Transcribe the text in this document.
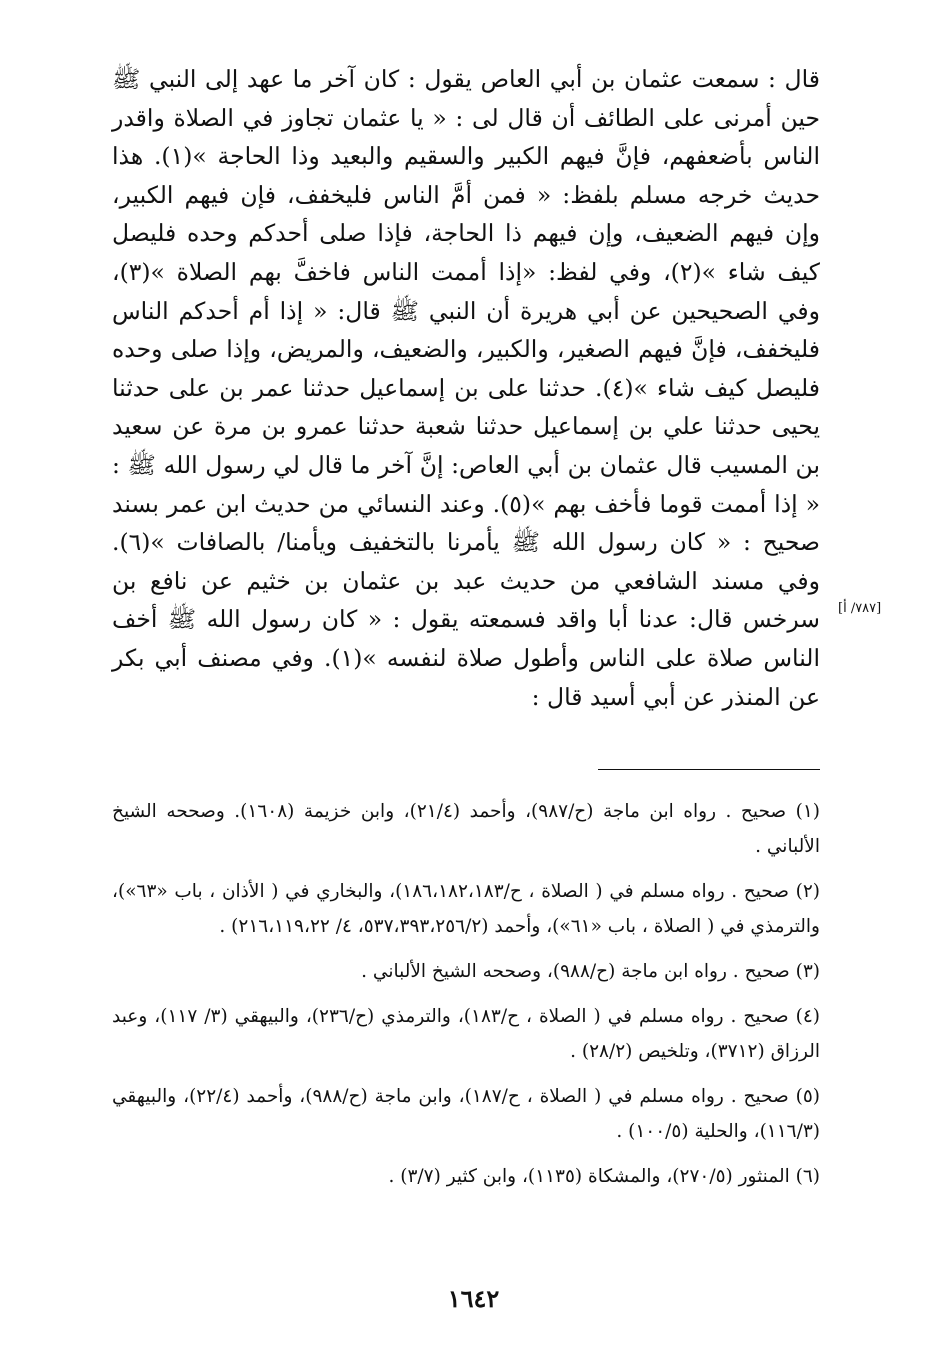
قال : سمعت عثمان بن أبي العاص يقول : كان آخر ما عهد إلى النبي ﷺ حين أمرنى على الطائف أن قال لى : « يا عثمان تجاوز في الصلاة واقدر الناس بأضعفهم، فإنَّ فيهم الكبير والسقيم والبعيد وذا الحاجة »(١). هذا حديث خرجه مسلم بلفظ: « فمن أمَّ الناس فليخفف، فإن فيهم الكبير، وإن فيهم الضعيف، وإن فيهم ذا الحاجة، فإذا صلى أحدكم وحده فليصل كيف شاء »(٢)، وفي لفظ: «إذا أممت الناس فاخفَّ بهم الصلاة »(٣)، وفي الصحيحين عن أبي هريرة أن النبي ﷺ قال: « إذا أم أحدكم الناس فليخفف، فإنَّ فيهم الصغير، والكبير، والضعيف، والمريض، وإذا صلى وحده فليصل كيف شاء »(٤). حدثنا على بن إسماعيل حدثنا عمر بن على حدثنا يحيى حدثنا علي بن إسماعيل حدثنا شعبة حدثنا عمرو بن مرة عن سعيد بن المسيب قال عثمان بن أبي العاص: إنَّ آخر ما قال لي رسول الله ﷺ : « إذا أممت قوما فأخف بهم »(٥). وعند النسائي من حديث ابن عمر بسند صحيح : « كان رسول الله ﷺ يأمرنا بالتخفيف ويأمنا/ بالصافات »(٦). وفي مسند الشافعي من حديث عبد بن عثمان بن خثيم عن نافع بن سرخس قال: عدنا أبا واقد فسمعته يقول : « كان رسول الله ﷺ أخف الناس صلاة على الناس وأطول صلاة لنفسه »(١). وفي مصنف أبي بكر عن المنذر عن أبي أسيد قال :

[٧٨٧/ أ]

(١) صحيح . رواه ابن ماجة (ح/٩٨٧)، وأحمد (٢١/٤)، وابن خزيمة (١٦٠٨). وصححه الشيخ الألباني .

(٢) صحيح . رواه مسلم في ( الصلاة ، ح/١٨٦،١٨٢،١٨٣)، والبخاري في ( الأذان ، باب «٦٣»)، والترمذي في ( الصلاة ، باب «٦١»)، وأحمد (٥٣٧،٣٩٣،٢٥٦/٢، ٤/ ٢١٦،١١٩،٢٢) .

(٣) صحيح . رواه ابن ماجة (ح/٩٨٨)، وصححه الشيخ الألباني .

(٤) صحيح . رواه مسلم في ( الصلاة ، ح/١٨٣)، والترمذي (ح/٢٣٦)، والبيهقي (٣/ ١١٧)، وعبد الرزاق (٣٧١٢)، وتلخيص (٢٨/٢) .

(٥) صحيح . رواه مسلم في ( الصلاة ، ح/١٨٧)، وابن ماجة (ح/٩٨٨)، وأحمد (٢٢/٤)، والبيهقي (١١٦/٣)، والحلية (١٠٠/٥) .

(٦) المنثور (٢٧٠/٥)، والمشكاة (١١٣٥)، وابن كثير (٣/٧) .

١٦٤٢
